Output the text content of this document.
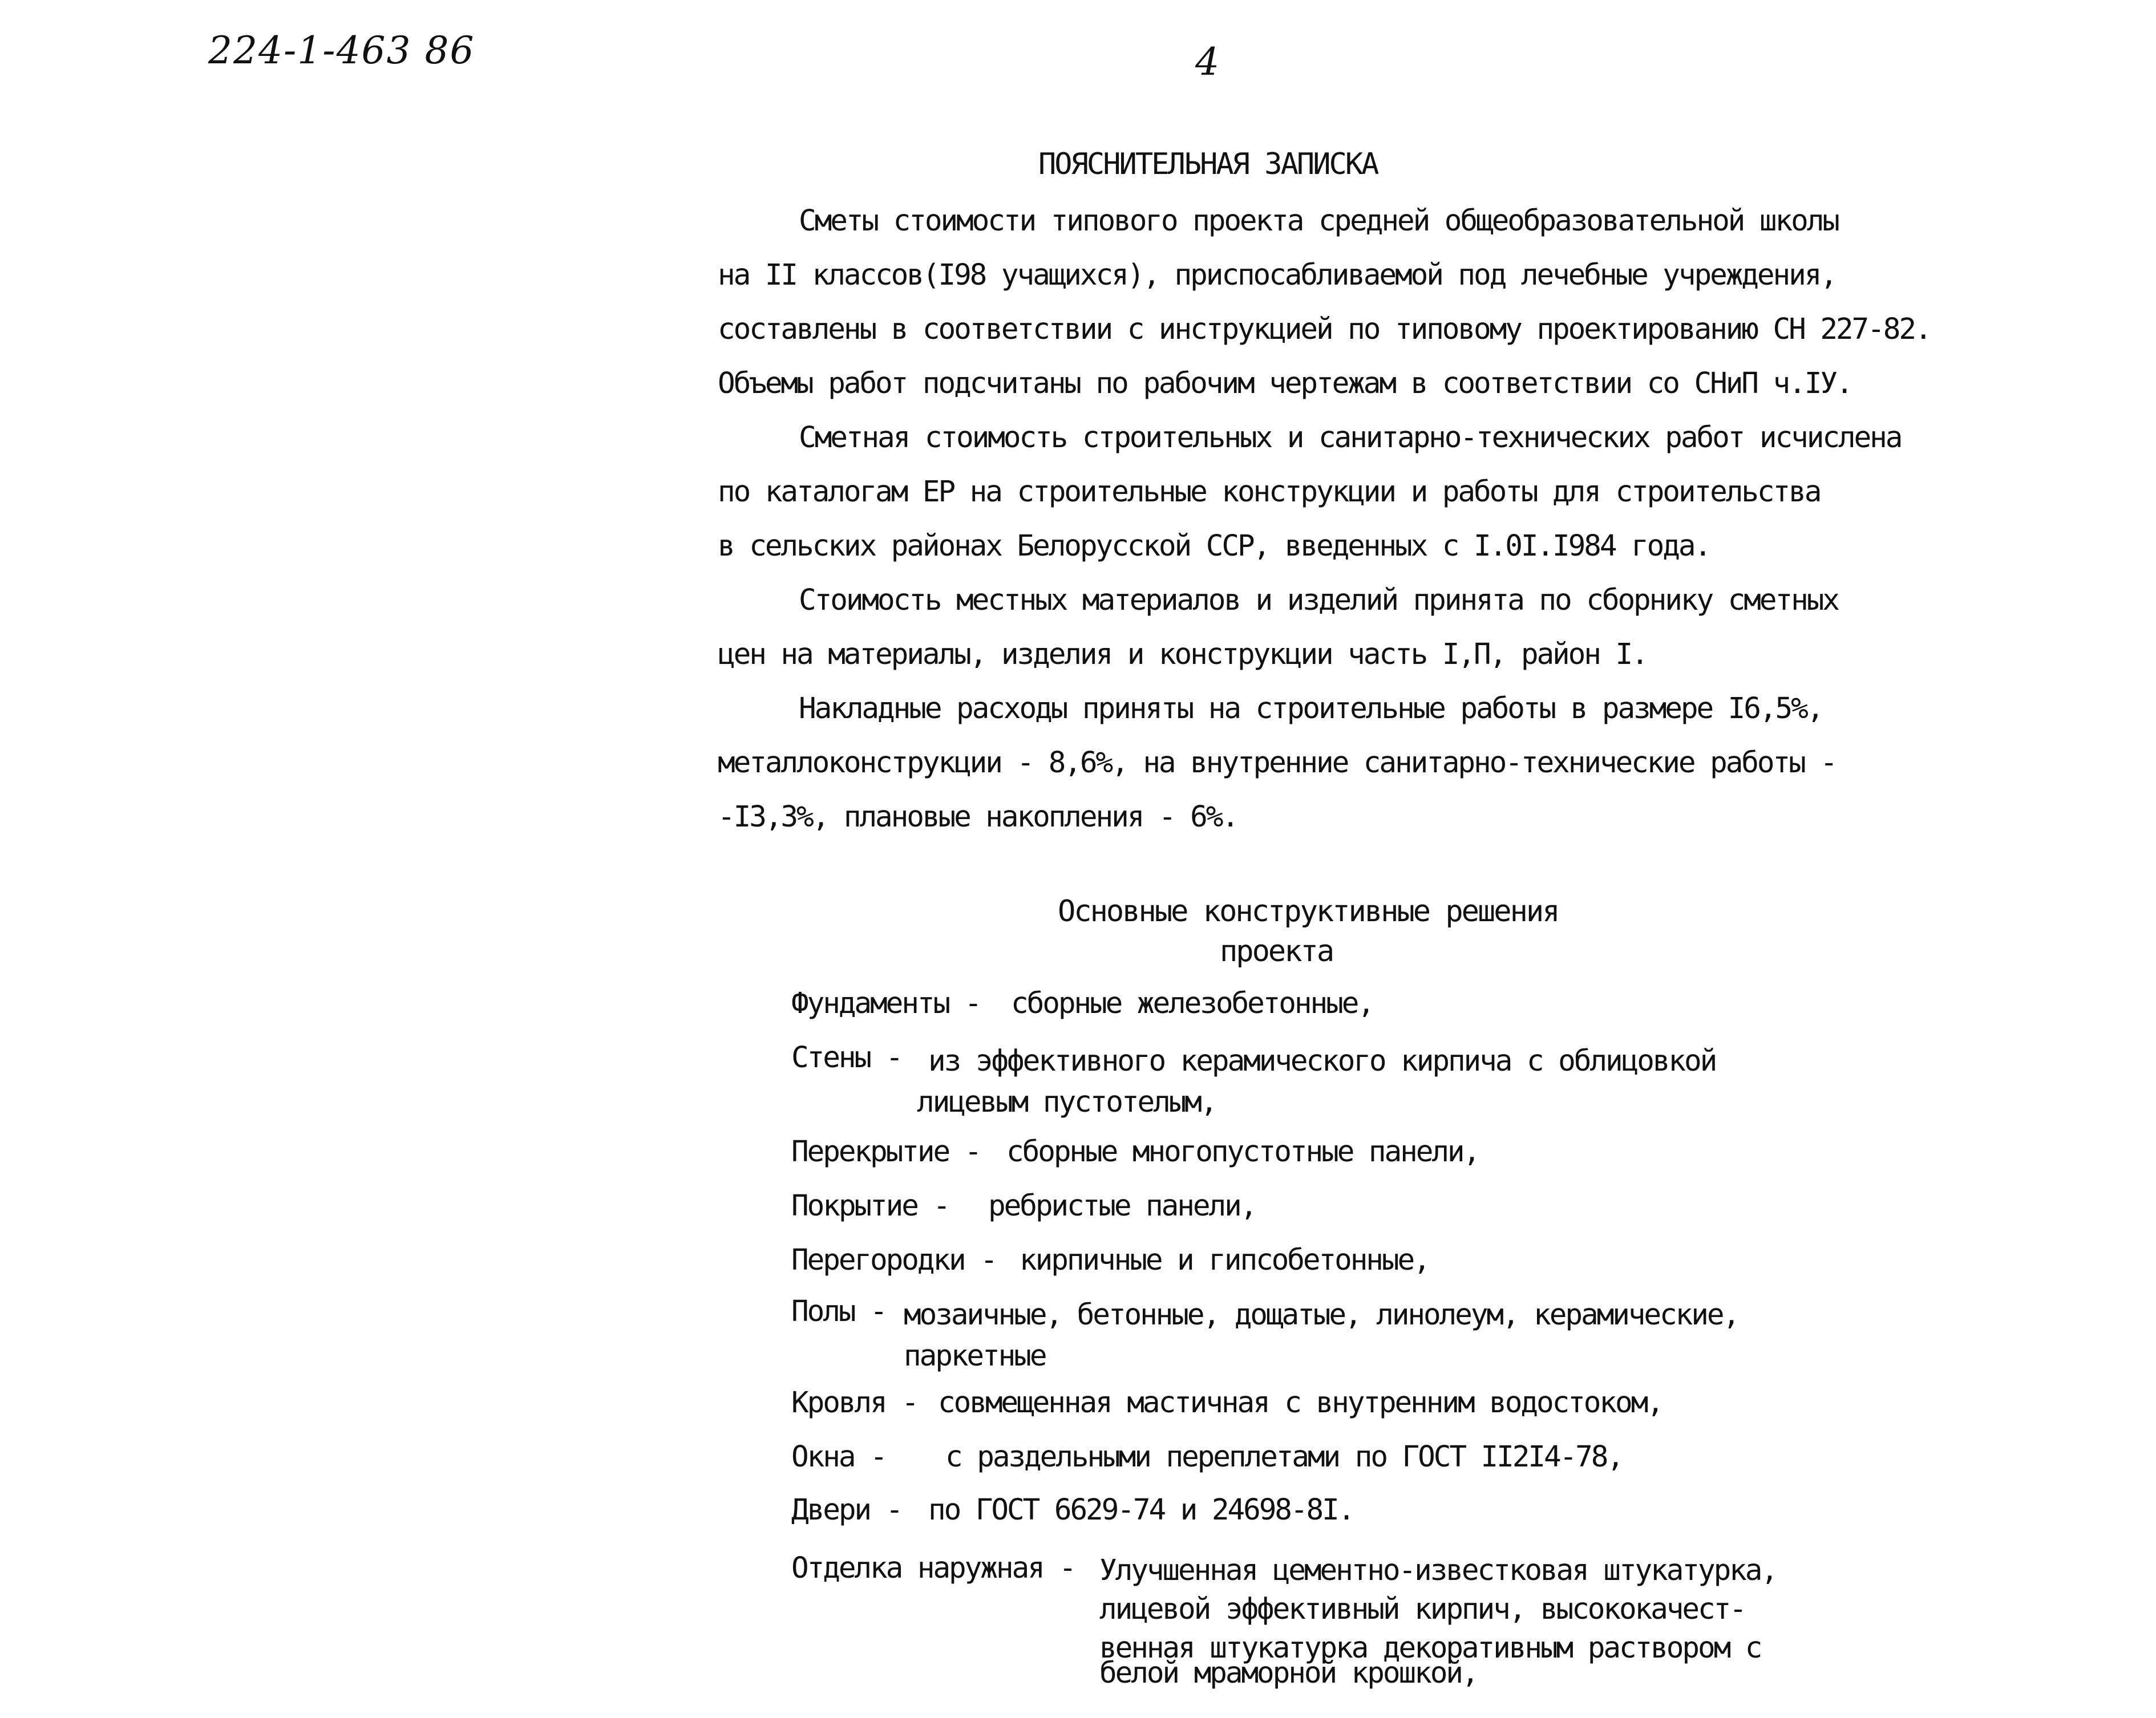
224-1-463 86	4
ПОЯСНИТЕЛЬНАЯ ЗАПИСКА
Сметы стоимости типового проекта средней общеобразовательной школы
на II классов(I98 учащихся), приспосабливаемой под лечебные учреждения,
составлены в соответствии с инструкцией по типовому проектированию СН 227-82.
Объемы работ подсчитаны по рабочим чертежам в соответствии со СНиП ч.IУ.
Сметная стоимость строительных и санитарно-технических работ исчислена
по каталогам ЕР на строительные конструкции и работы для строительства
в сельских районах Белорусской ССР, введенных с I.0I.I984 года.
Стоимость местных материалов и изделий принята по сборнику сметных
цен на материалы, изделия и конструкции часть I,П, район I.
Накладные расходы приняты на строительные работы в размере I6,5%,
металлоконструкции - 8,6%, на внутренние санитарно-технические работы -
-I3,3%, плановые накопления - 6%.
Основные конструктивные решения
проекта
Фундаменты - сборные железобетонные,
Стены - из эффективного керамического кирпича с облицовкой
лицевым пустотелым,
Перекрытие - сборные многопустотные панели,
Покрытие - ребристые панели,
Перегородки - кирпичные и гипсобетонные,
Полы - мозаичные, бетонные, дощатые, линолеум, керамические,
паркетные
Кровля - совмещенная мастичная с внутренним водостоком,
Окна - с раздельными переплетами по ГОСТ II2I4-78,
Двери - по ГОСТ 6629-74 и 24698-8I.
Отделка наружная - Улучшенная цементно-известковая штукатурка,
лицевой эффективный кирпич, высококачест-
венная штукатурка декоративным раствором с
белой мраморной крошкой,
